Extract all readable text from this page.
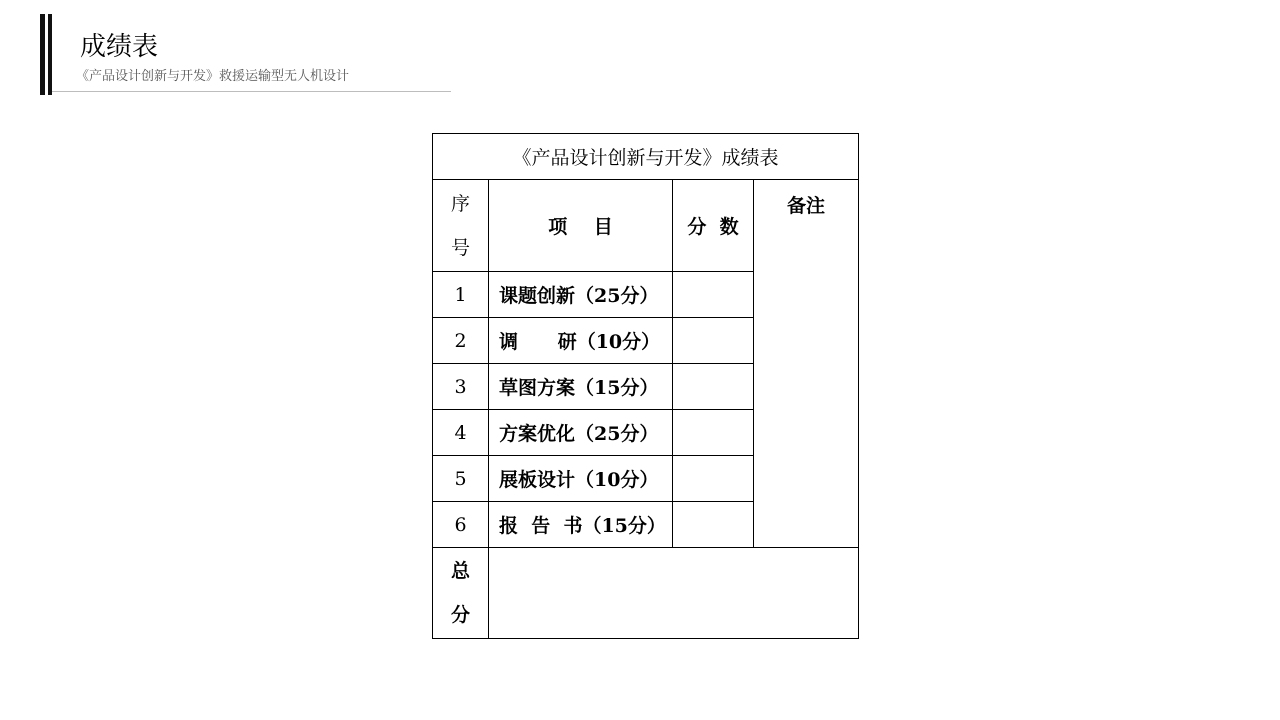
成绩表
《产品设计创新与开发》救援运输型无人机设计
《产品设计创新与开发》成绩表			

序
号	项    目	分  数	备注
1	课题创新（25分）		
2	调      研（10分）		
3	草图方案（15分）		
4	方案优化（25分）		
5	展板设计（10分）		
6	报  告  书（15分）		

总
分			
